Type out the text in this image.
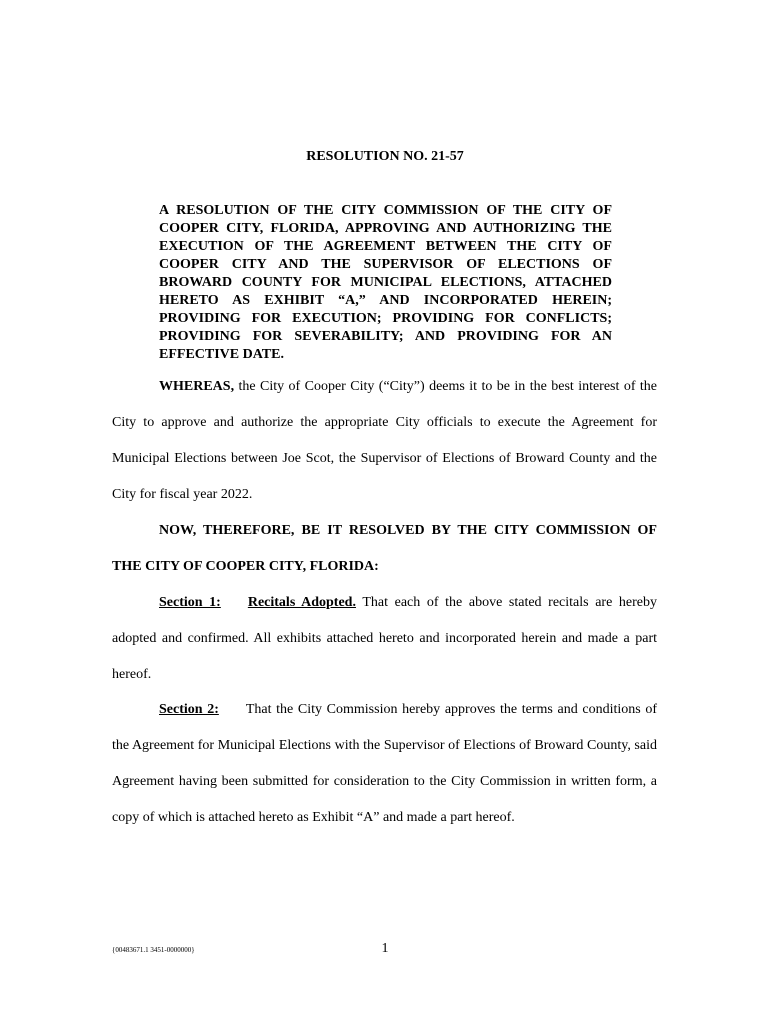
RESOLUTION NO. 21-57
A RESOLUTION OF THE CITY COMMISSION OF THE CITY OF COOPER CITY, FLORIDA, APPROVING AND AUTHORIZING THE EXECUTION OF THE AGREEMENT BETWEEN THE CITY OF COOPER CITY AND THE SUPERVISOR OF ELECTIONS OF BROWARD COUNTY FOR MUNICIPAL ELECTIONS, ATTACHED HERETO AS EXHIBIT “A,” AND INCORPORATED HEREIN; PROVIDING FOR EXECUTION; PROVIDING FOR CONFLICTS; PROVIDING FOR SEVERABILITY; AND PROVIDING FOR AN EFFECTIVE DATE.
WHEREAS, the City of Cooper City (“City”) deems it to be in the best interest of the City to approve and authorize the appropriate City officials to execute the Agreement for Municipal Elections between Joe Scot, the Supervisor of Elections of Broward County and the City for fiscal year 2022.
NOW, THEREFORE, BE IT RESOLVED BY THE CITY COMMISSION OF THE CITY OF COOPER CITY, FLORIDA:
Section 1: Recitals Adopted. That each of the above stated recitals are hereby adopted and confirmed. All exhibits attached hereto and incorporated herein and made a part hereof.
Section 2: That the City Commission hereby approves the terms and conditions of the Agreement for Municipal Elections with the Supervisor of Elections of Broward County, said Agreement having been submitted for consideration to the City Commission in written form, a copy of which is attached hereto as Exhibit “A” and made a part hereof.
{00483671.1 3451-0000000}	1
